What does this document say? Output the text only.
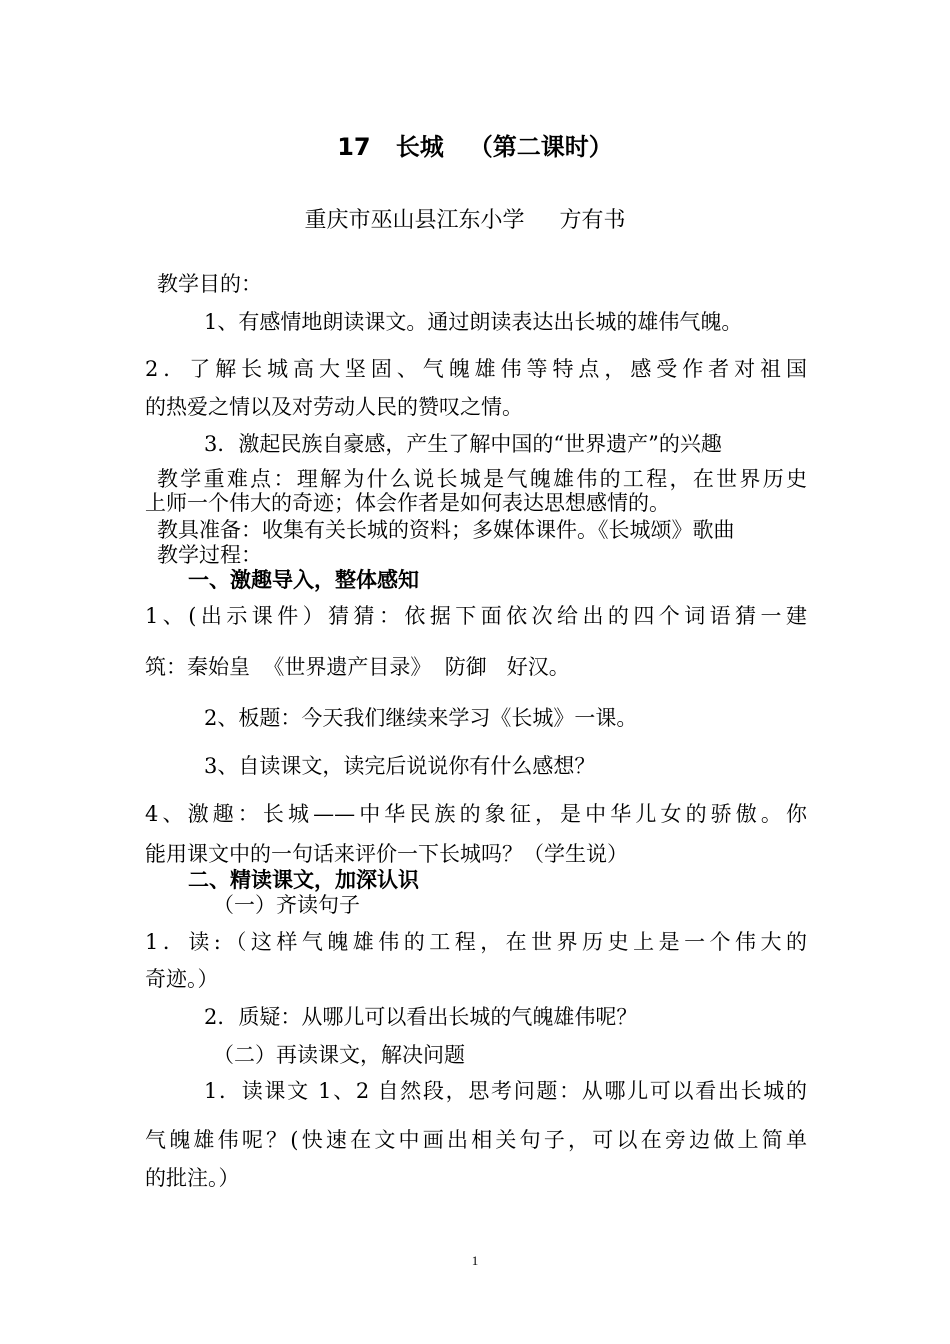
17 长城 （第二课时）
重庆市巫山县江东小学     方有书
教学目的：
1、有感情地朗读课文。通过朗读表达出长城的雄伟气魄。
2．了解长城高大坚固、气魄雄伟等特点，感受作者对祖国
的热爱之情以及对劳动人民的赞叹之情。
3．激起民族自豪感，产生了解中国的“世界遗产”的兴趣
教学重难点：理解为什么说长城是气魄雄伟的工程，在世界历史
上师一个伟大的奇迹；体会作者是如何表达思想感情的。
教具准备：收集有关长城的资料；多媒体课件。《长城颂》歌曲
教学过程：
一、激趣导入，整体感知
1、(出示课件）猜猜：依据下面依次给出的四个词语猜一建
筑：秦始皇  《世界遗产目录》  防御   好汉。
2、板题：今天我们继续来学习《长城》一课。
3、自读课文，读完后说说你有什么感想？
4、激趣：长城——中华民族的象征，是中华儿女的骄傲。你
能用课文中的一句话来评价一下长城吗？（学生说）
二、精读课文，加深认识
（一）齐读句子
1．读:（这样气魄雄伟的工程，在世界历史上是一个伟大的
奇迹。）
2．质疑：从哪儿可以看出长城的气魄雄伟呢？
（二）再读课文，解决问题
1．读课文 1、2 自然段，思考问题：从哪儿可以看出长城的
气魄雄伟呢？(快速在文中画出相关句子，可以在旁边做上简单
的批注。）
1
